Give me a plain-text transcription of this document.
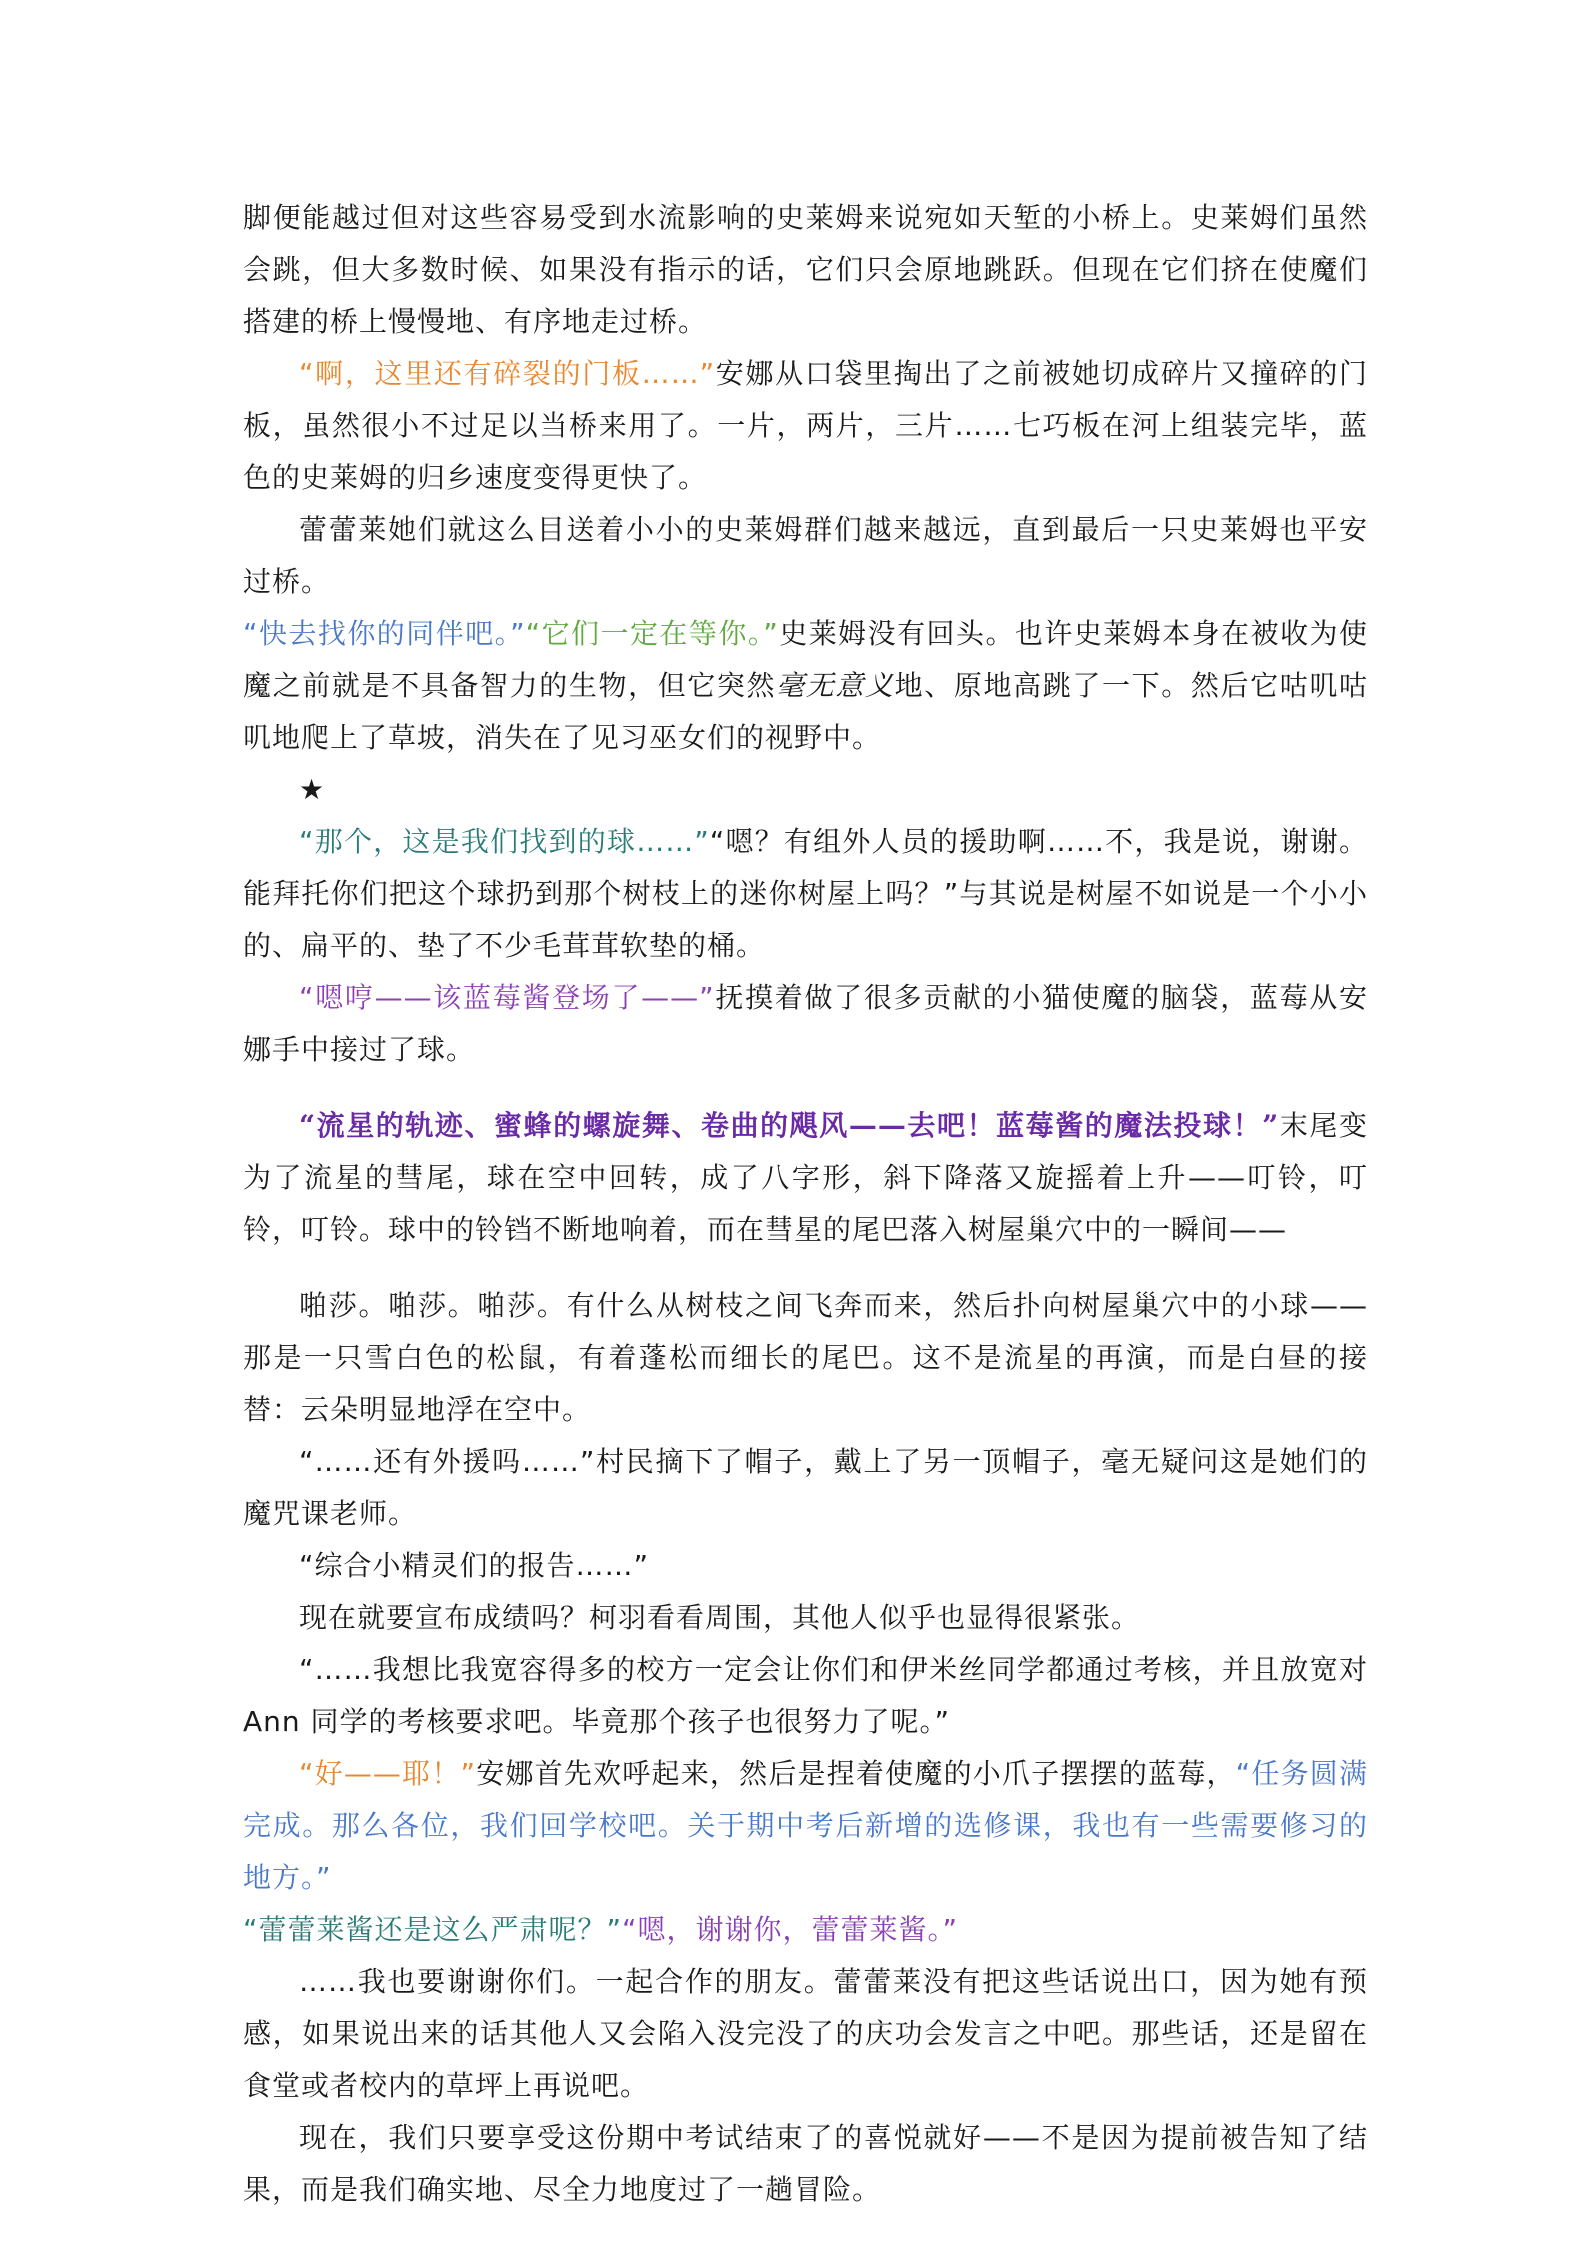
脚便能越过但对这些容易受到水流影响的史莱姆来说宛如天堑的小桥上。史莱姆们虽然会跳，但大多数时候、如果没有指示的话，它们只会原地跳跃。但现在它们挤在使魔们搭建的桥上慢慢地、有序地走过桥。

“啊，这里还有碎裂的门板……”安娜从口袋里掏出了之前被她切成碎片又撞碎的门板，虽然很小不过足以当桥来用了。一片，两片，三片……七巧板在河上组装完毕，蓝色的史莱姆的归乡速度变得更快了。

蕾蕾莱她们就这么目送着小小的史莱姆群们越来越远，直到最后一只史莱姆也平安过桥。

“快去找你的同伴吧。”“它们一定在等你。”史莱姆没有回头。也许史莱姆本身在被收为使魔之前就是不具备智力的生物，但它突然毫无意义地、原地高跳了一下。然后它咕叽咕叽地爬上了草坡，消失在了见习巫女们的视野中。

★

“那个，这是我们找到的球……”“嗯？有组外人员的援助啊……不，我是说，谢谢。能拜托你们把这个球扔到那个树枝上的迷你树屋上吗？”与其说是树屋不如说是一个小小的、扁平的、垫了不少毛茸茸软垫的桶。

“嗯哼——该蓝莓酱登场了——”抚摸着做了很多贡献的小猫使魔的脑袋，蓝莓从安娜手中接过了球。

“流星的轨迹、蜜蜂的螺旋舞、卷曲的飓风——去吧！蓝莓酱的魔法投球！”末尾变为了流星的彗尾，球在空中回转，成了八字形，斜下降落又旋摇着上升——叮铃，叮铃，叮铃。球中的铃铛不断地响着，而在彗星的尾巴落入树屋巢穴中的一瞬间——

啪莎。啪莎。啪莎。有什么从树枝之间飞奔而来，然后扑向树屋巢穴中的小球——那是一只雪白色的松鼠，有着蓬松而细长的尾巴。这不是流星的再演，而是白昼的接替：云朵明显地浮在空中。

“……还有外援吗……”村民摘下了帽子，戴上了另一顶帽子，毫无疑问这是她们的魔咒课老师。

“综合小精灵们的报告……”

现在就要宣布成绩吗？柯羽看看周围，其他人似乎也显得很紧张。

“……我想比我宽容得多的校方一定会让你们和伊米丝同学都通过考核，并且放宽对Ann 同学的考核要求吧。毕竟那个孩子也很努力了呢。”

“好——耶！”安娜首先欢呼起来，然后是捏着使魔的小爪子摆摆的蓝莓，“任务圆满完成。那么各位，我们回学校吧。关于期中考后新增的选修课，我也有一些需要修习的地方。”

“蕾蕾莱酱还是这么严肃呢？”“嗯，谢谢你，蕾蕾莱酱。”

……我也要谢谢你们。一起合作的朋友。蕾蕾莱没有把这些话说出口，因为她有预感，如果说出来的话其他人又会陷入没完没了的庆功会发言之中吧。那些话，还是留在食堂或者校内的草坪上再说吧。

现在，我们只要享受这份期中考试结束了的喜悦就好——不是因为提前被告知了结果，而是我们确实地、尽全力地度过了一趟冒险。
